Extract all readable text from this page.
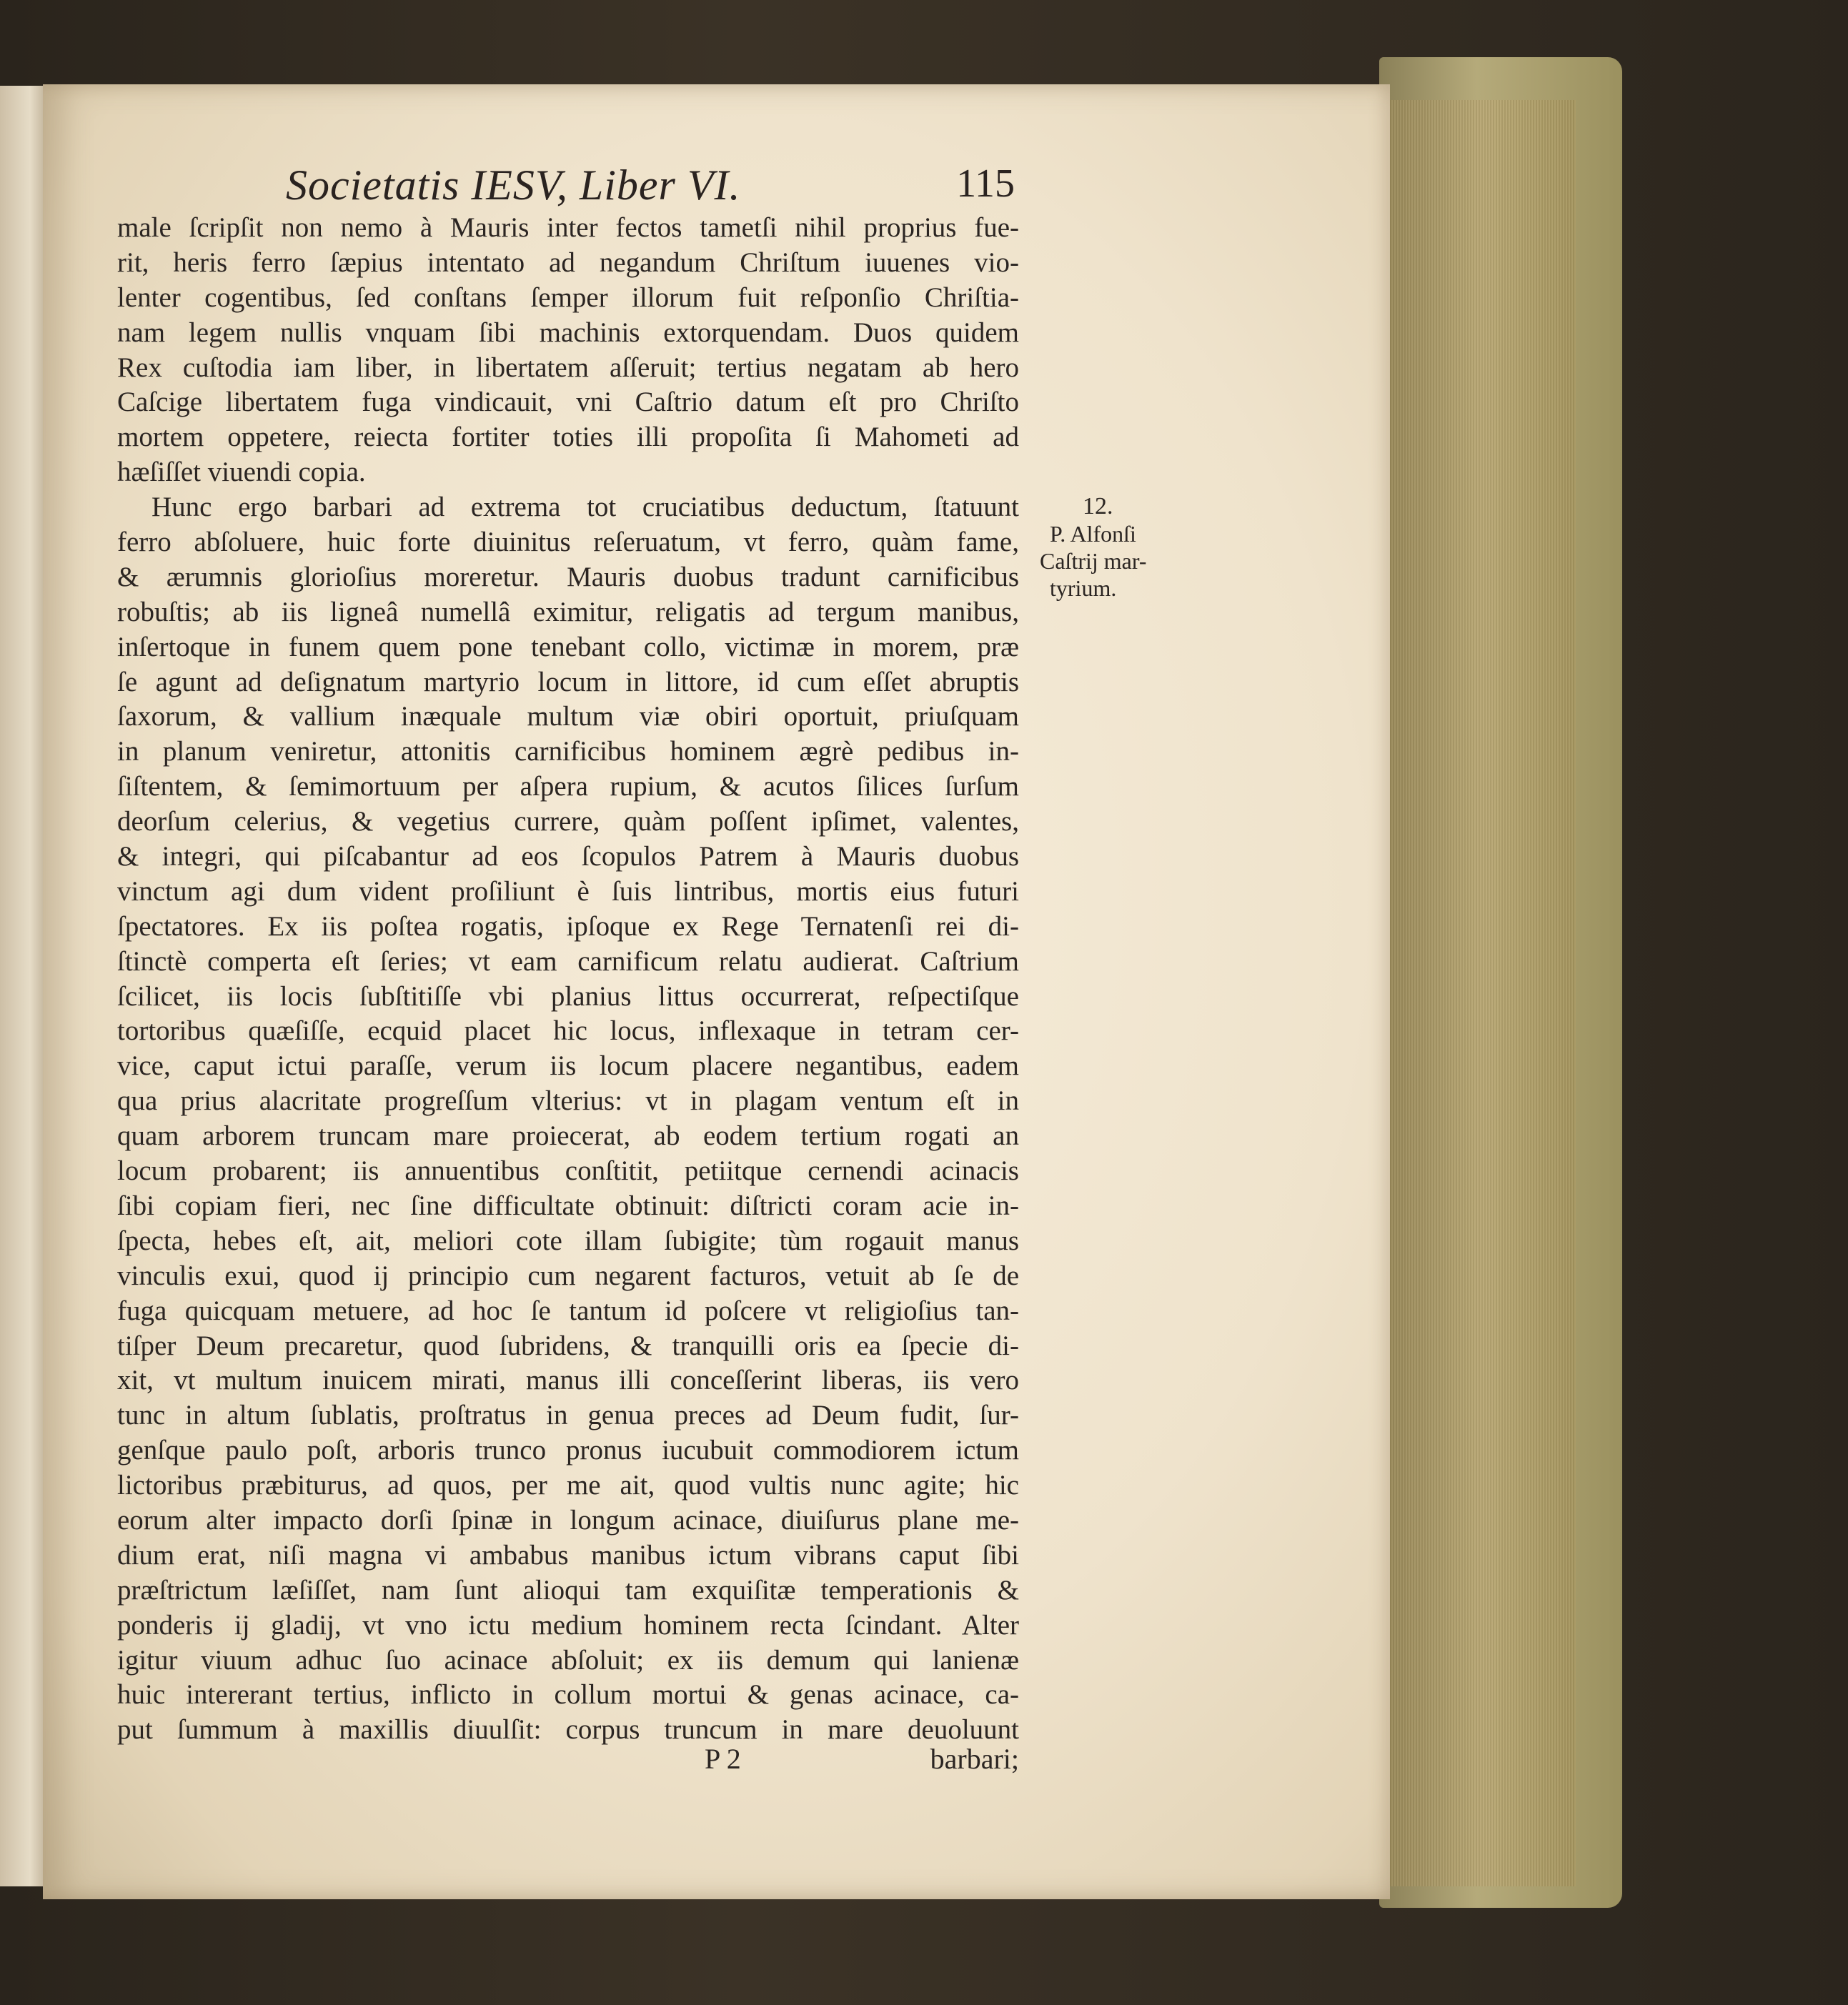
Societatis IESV, Liber VI.	115
male ſcripſit non nemo à Mauris inter fectos tametſi nihil proprius fue-
rit, heris ferro ſæpius intentato ad negandum Chriſtum iuuenes vio-
lenter cogentibus, ſed conſtans ſemper illorum fuit reſponſio Chriſtia-
nam legem nullis vnquam ſibi machinis extorquendam. Duos quidem
Rex cuſtodia iam liber, in libertatem aſſeruit; tertius negatam ab hero
Caſcige libertatem fuga vindicauit, vni Caſtrio datum eſt pro Chriſto
mortem oppetere, reiecta fortiter toties illi propoſita ſi Mahometi ad
hæſiſſet viuendi copia.
Hunc ergo barbari ad extrema tot cruciatibus deductum, ſtatuunt
ferro abſoluere, huic forte diuinitus reſeruatum, vt ferro, quàm fame,
& ærumnis glorioſius moreretur. Mauris duobus tradunt carnificibus
robuſtis; ab iis ligneâ numellâ eximitur, religatis ad tergum manibus,
inſertoque in funem quem pone tenebant collo, victimæ in morem, præ
ſe agunt ad deſignatum martyrio locum in littore, id cum eſſet abruptis
ſaxorum, & vallium inæquale multum viæ obiri oportuit, priuſquam
in planum veniretur, attonitis carnificibus hominem ægrè pedibus in-
ſiſtentem, & ſemimortuum per aſpera rupium, & acutos ſilices ſurſum
deorſum celerius, & vegetius currere, quàm poſſent ipſimet, valentes,
& integri, qui piſcabantur ad eos ſcopulos Patrem à Mauris duobus
vinctum agi dum vident proſiliunt è ſuis lintribus, mortis eius futuri
ſpectatores. Ex iis poſtea rogatis, ipſoque ex Rege Ternatenſi rei di-
ſtinctè comperta eſt ſeries; vt eam carnificum relatu audierat. Caſtrium
ſcilicet, iis locis ſubſtitiſſe vbi planius littus occurrerat, reſpectiſque
tortoribus quæſiſſe, ecquid placet hic locus, inflexaque in tetram cer-
vice, caput ictui paraſſe, verum iis locum placere negantibus, eadem
qua prius alacritate progreſſum vlterius: vt in plagam ventum eſt in
quam arborem truncam mare proiecerat, ab eodem tertium rogati an
locum probarent; iis annuentibus conſtitit, petiitque cernendi acinacis
ſibi copiam fieri, nec ſine difficultate obtinuit: diſtricti coram acie in-
ſpecta, hebes eſt, ait, meliori cote illam ſubigite; tùm rogauit manus
vinculis exui, quod ij principio cum negarent facturos, vetuit ab ſe de
fuga quicquam metuere, ad hoc ſe tantum id poſcere vt religioſius tan-
tiſper Deum precaretur, quod ſubridens, & tranquilli oris ea ſpecie di-
xit, vt multum inuicem mirati, manus illi conceſſerint liberas, iis vero
tunc in altum ſublatis, proſtratus in genua preces ad Deum fudit, ſur-
genſque paulo poſt, arboris trunco pronus iucubuit commodiorem ictum
lictoribus præbiturus, ad quos, per me ait, quod vultis nunc agite; hic
eorum alter impacto dorſi ſpinæ in longum acinace, diuiſurus plane me-
dium erat, niſi magna vi ambabus manibus ictum vibrans caput ſibi
præſtrictum læſiſſet, nam ſunt alioqui tam exquiſitæ temperationis &
ponderis ij gladij, vt vno ictu medium hominem recta ſcindant. Alter
igitur viuum adhuc ſuo acinace abſoluit; ex iis demum qui lanienæ
huic intererant tertius, inflicto in collum mortui & genas acinace, ca-
put ſummum à maxillis diuulſit: corpus truncum in mare deuoluunt
12.
P. Alfonſi
Caſtrij mar-
tyrium.
P 2	barbari;
